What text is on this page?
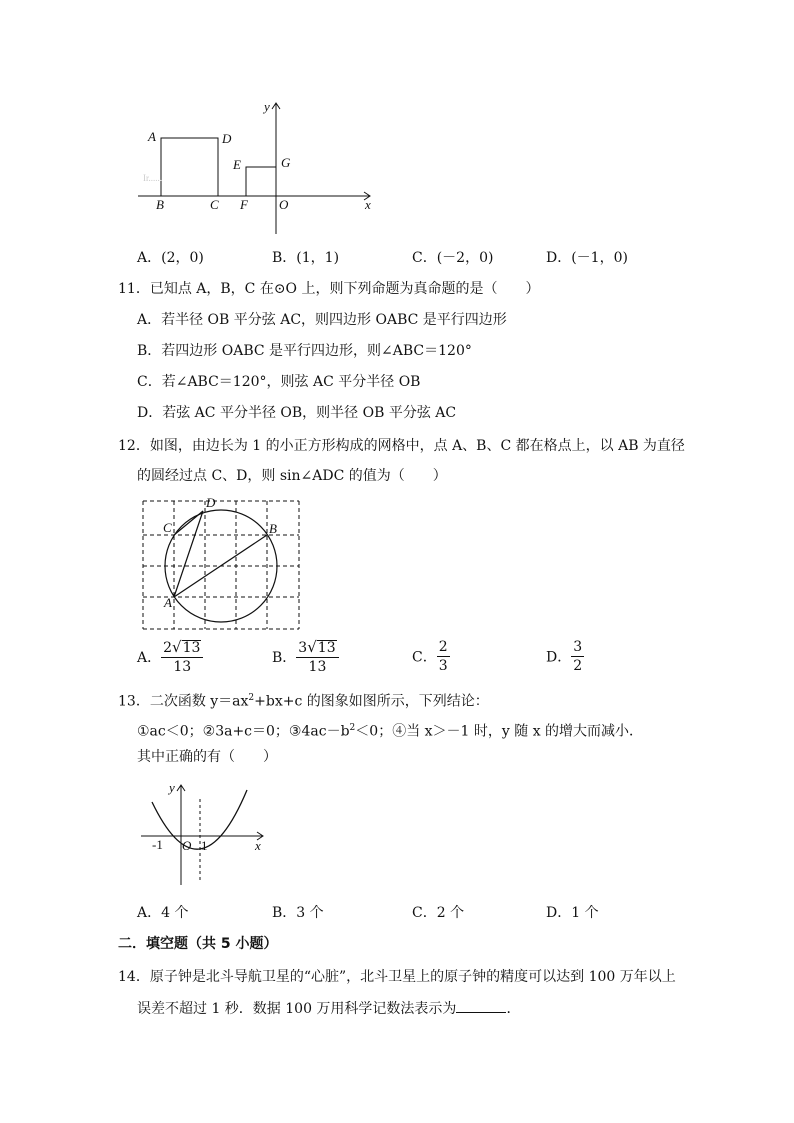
Ir......
A	D
B	C
E	G
F O	x
y
A．(2，0)	B．(1，1)	C．(－2，0)	D．(－1，0)
11．已知点 A，B，C 在⊙O 上，则下列命题为真命题的是（　　）
A．若半径 OB 平分弦 AC，则四边形 OABC 是平行四边形
B．若四边形 OABC 是平行四边形，则∠ABC＝120°
C．若∠ABC＝120°，则弦 AC 平分半径 OB
D．若弦 AC 平分半径 OB，则半径 OB 平分弦 AC
12．如图，由边长为 1 的小正方形构成的网格中，点 A、B、C 都在格点上，以 AB 为直径
的圆经过点 C、D，则 sin∠ADC 的值为（　　）
A
B
C
D
A． $\frac{2√13}{13}$	B． $\frac{3√13}{13}$	C． $\frac{2}{3}$	D． $\frac{3}{2}$
13．二次函数 $y=ax^2+bx+c$ 的图象如图所示，下列结论：
①ac＜0；②3a+c＝0；$③4ac-b^2<0$；④当 x＞－1 时，y 随 x 的增大而减小．
其中正确的有（　　）
y
x
-1 O 1
A．4 个	B．3 个	C．2 个	D．1 个
二．填空题（共 5 小题）
14．原子钟是北斗导航卫星的“心脏”，北斗卫星上的原子钟的精度可以达到 100 万年以上
误差不超过 1 秒．数据 100 万用科学记数法表示为	．
